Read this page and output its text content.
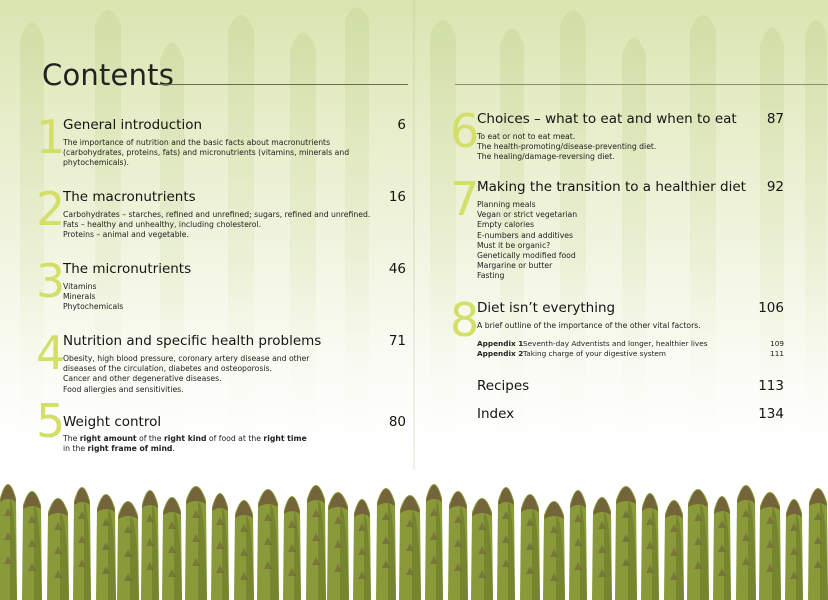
Contents
1
General introduction	6
The importance of nutrition and the basic facts about macronutrients
(carbohydrates, proteins, fats) and micronutrients (vitamins, minerals and
phytochemicals).
2
The macronutrients	16
Carbohydrates – starches, refined and unrefined; sugars, refined and unrefined.
Fats – healthy and unhealthy, including cholesterol.
Proteins – animal and vegetable.
3
The micronutrients	46
Vitamins
Minerals
Phytochemicals
4
Nutrition and specific health problems	71
Obesity, high blood pressure, coronary artery disease and other
diseases of the circulation, diabetes and osteoporosis.
Cancer and other degenerative diseases.
Food allergies and sensitivities.
5
Weight control	80
The right amount of the right kind of food at the right time
in the right frame of mind.
6
Choices – what to eat and when to eat	87
To eat or not to eat meat.
The health-promoting/disease-preventing diet.
The healing/damage-reversing diet.
7
Making the transition to a healthier diet	92
Planning meals
Vegan or strict vegetarian
Empty calories
E-numbers and additives
Must it be organic?
Genetically modified food
Margarine or butter
Fasting
8
Diet isn’t everything	106
A brief outline of the importance of the other vital factors.
Appendix 1 Seventh-day Adventists and longer, healthier lives	109
Appendix 2 Taking charge of your digestive system	111
Recipes	113
Index	134
